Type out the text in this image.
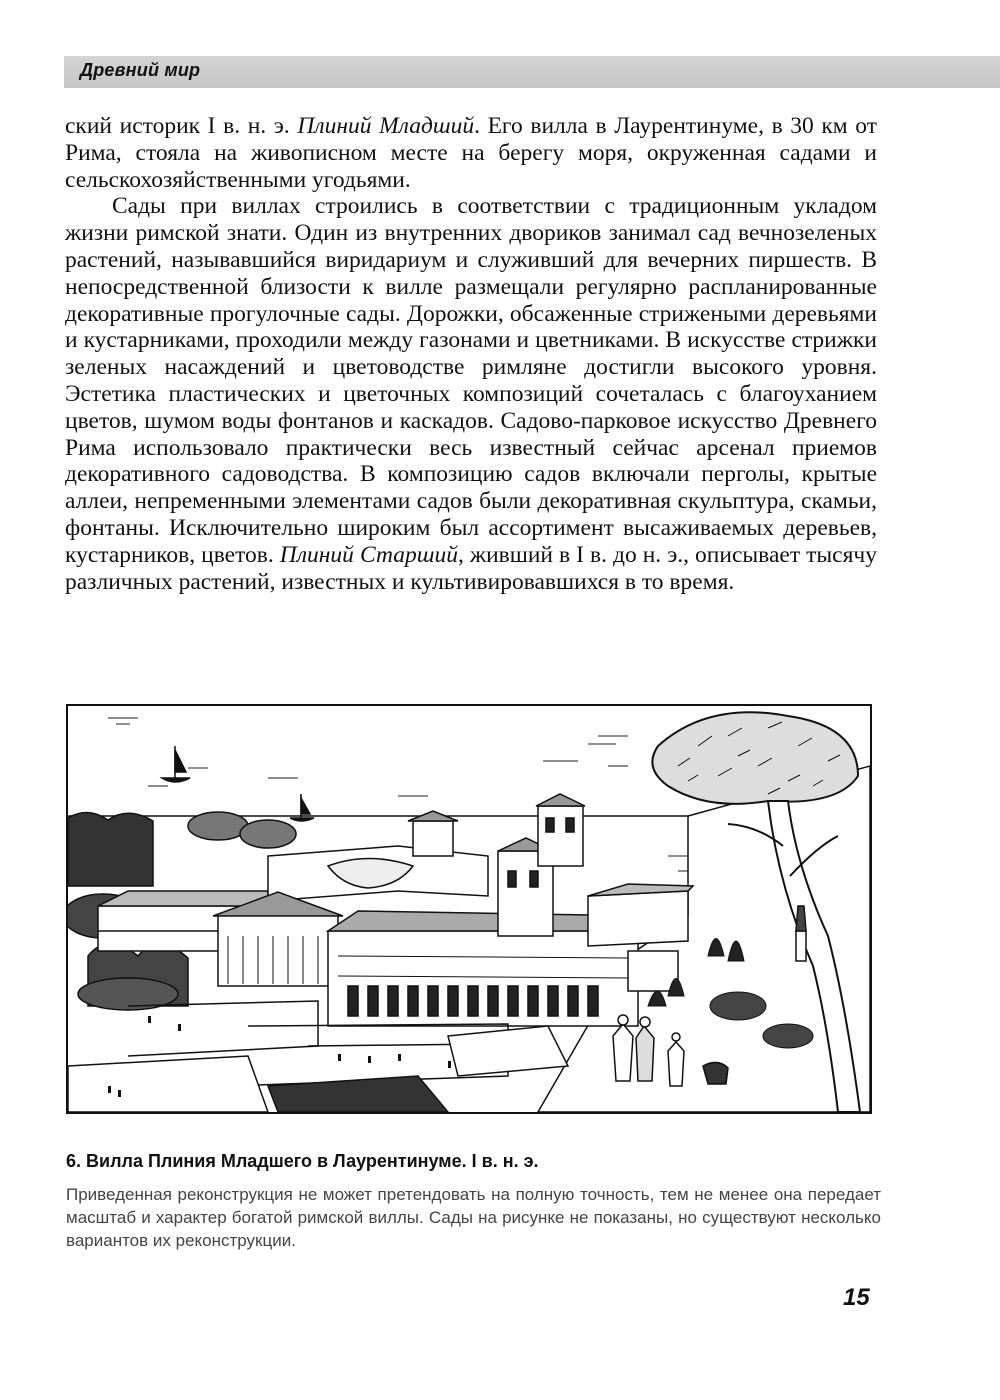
Древний мир

ский историк I в. н. э. Плиний Младший. Его вилла в Лаурентинуме, в 30 км от Рима, стояла на живописном месте на берегу моря, окруженная садами и сельскохозяйственными угодьями.

Сады при виллах строились в соответствии с традиционным укладом жизни римской знати. Один из внутренних двориков занимал сад вечнозеленых растений, называвшийся виридариум и служивший для вечерних пиршеств. В непосредственной близости к вилле размещали регулярно распланированные декоративные прогулочные сады. Дорожки, обсаженные стрижеными деревьями и кустарниками, проходили между газонами и цветниками. В искусстве стрижки зеленых насаждений и цветоводстве римляне достигли высокого уровня. Эстетика пластических и цветочных композиций сочеталась с благоуханием цветов, шумом воды фонтанов и каскадов. Садово-парковое искусство Древнего Рима использовало практически весь известный сейчас арсенал приемов декоративного садоводства. В композицию садов включали перголы, крытые аллеи, непременными элементами садов были декоративная скульптура, скамьи, фонтаны. Исключительно широким был ассортимент высаживаемых деревьев, кустарников, цветов. Плиний Старший, живший в I в. до н. э., описывает тысячу различных растений, известных и культивировавшихся в то время.

6. Вилла Плиния Младшего в Лаурентинуме. I в. н. э.
Приведенная реконструкция не может претендовать на полную точность, тем не менее она передает масштаб и характер богатой римской виллы. Сады на рисунке не показаны, но существуют несколько вариантов их реконструкции.
15
